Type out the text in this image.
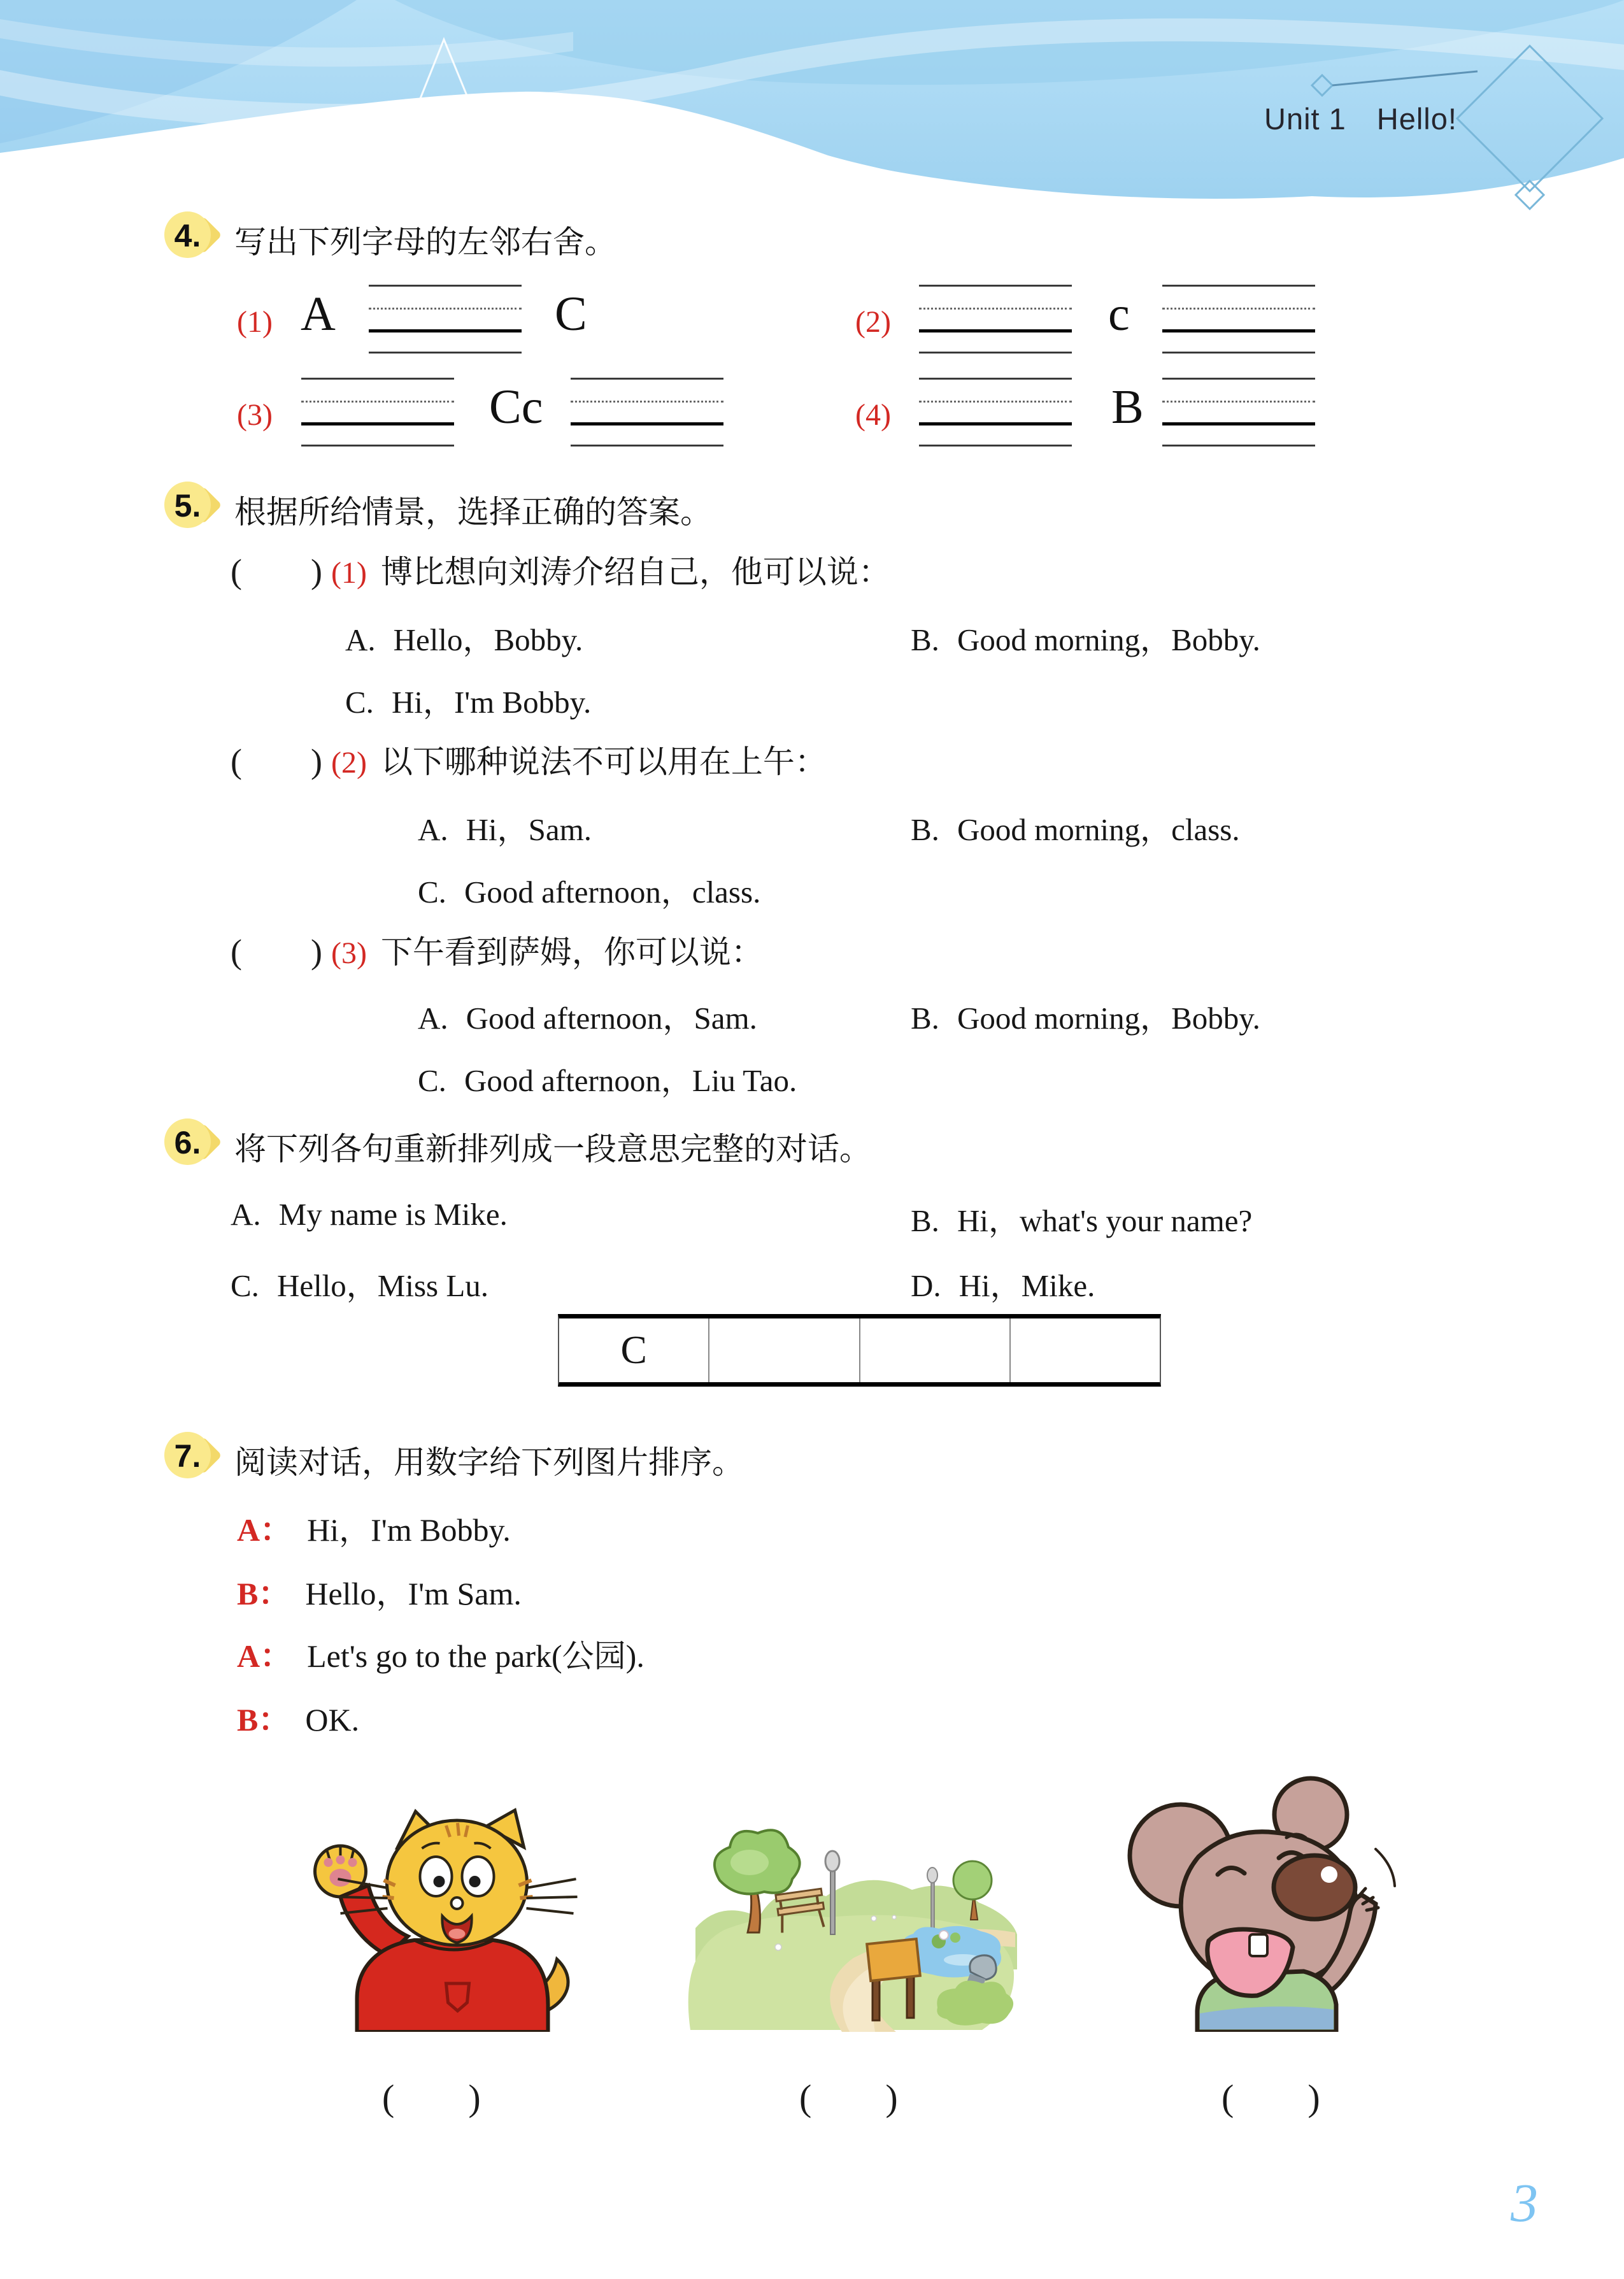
Unit 1　Hello!
4.	写出下列字母的左邻右舍。
(1) A	C	(2)	c
(3)	Cc	(4)	B
5.	根据所给情景，选择正确的答案。
(　　) (1) 博比想向刘涛介绍自己，他可以说：
A. Hello，Bobby.	B. Good morning，Bobby.
C. Hi，I'm Bobby.
(　　) (2) 以下哪种说法不可以用在上午：
A. Hi，Sam.	B. Good morning，class.
C. Good afternoon，class.
(　　) (3) 下午看到萨姆，你可以说：
A. Good afternoon，Sam.	B. Good morning，Bobby.
C. Good afternoon，Liu Tao.
6.	将下列各句重新排列成一段意思完整的对话。
A. My name is Mike.	B. Hi，what's your name?
C. Hello，Miss Lu.	D. Hi，Mike.
C
7.	阅读对话，用数字给下列图片排序。
A： Hi，I'm Bobby.
B： Hello，I'm Sam.
A： Let's go to the park(公园).
B： OK.
(　　)	(　　)	(　　)
3
